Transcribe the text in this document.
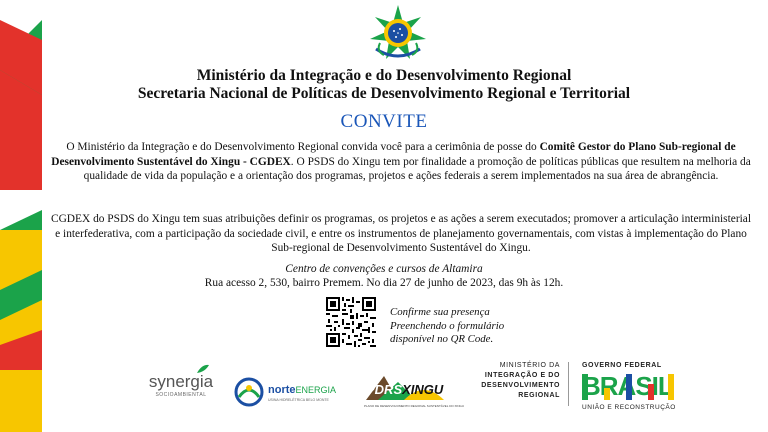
Ministério da Integração e do Desenvolvimento Regional
Secretaria Nacional de Políticas de Desenvolvimento Regional e Territorial
CONVITE
O Ministério da Integração e do Desenvolvimento Regional convida você para a cerimônia de posse do Comitê Gestor do Plano Sub-regional de Desenvolvimento Sustentável do Xingu - CGDEX. O PSDS do Xingu tem por finalidade a promoção de políticas públicas que resultem na melhoria da qualidade de vida da população e a orientação dos programas, projetos e ações federais a serem implementados na sua área de abrangência.
CGDEX do PSDS do Xingu tem suas atribuições definir os programas, os projetos e as ações a serem executados; promover a articulação interministerial e interfederativa, com a participação da sociedade civil, e entre os instrumentos de planejamento governamentais, com vistas à implementação do Plano Sub-regional de Desenvolvimento Sustentável do Xingu.
Centro de convenções e cursos de Altamira
Rua acesso 2, 530, bairro Premem. No dia 27 de junho de 2023, das 9h às 12h.
Confirme sua presença
Preenchendo o formulário
disponível no QR Code.
synergia
SOCIOAMBIENTAL	norteENERGIA
USINA HIDRELÉTRICA BELO MONTE
PDRSXINGU
PLANO DE DESENVOLVIMENTO REGIONAL SUSTENTÁVEL DO XINGU
MINISTÉRIO DA
INTEGRAÇÃO E DO
DESENVOLVIMENTO
REGIONAL
GOVERNO FEDERAL
UNIÃO E RECONSTRUÇÃO
